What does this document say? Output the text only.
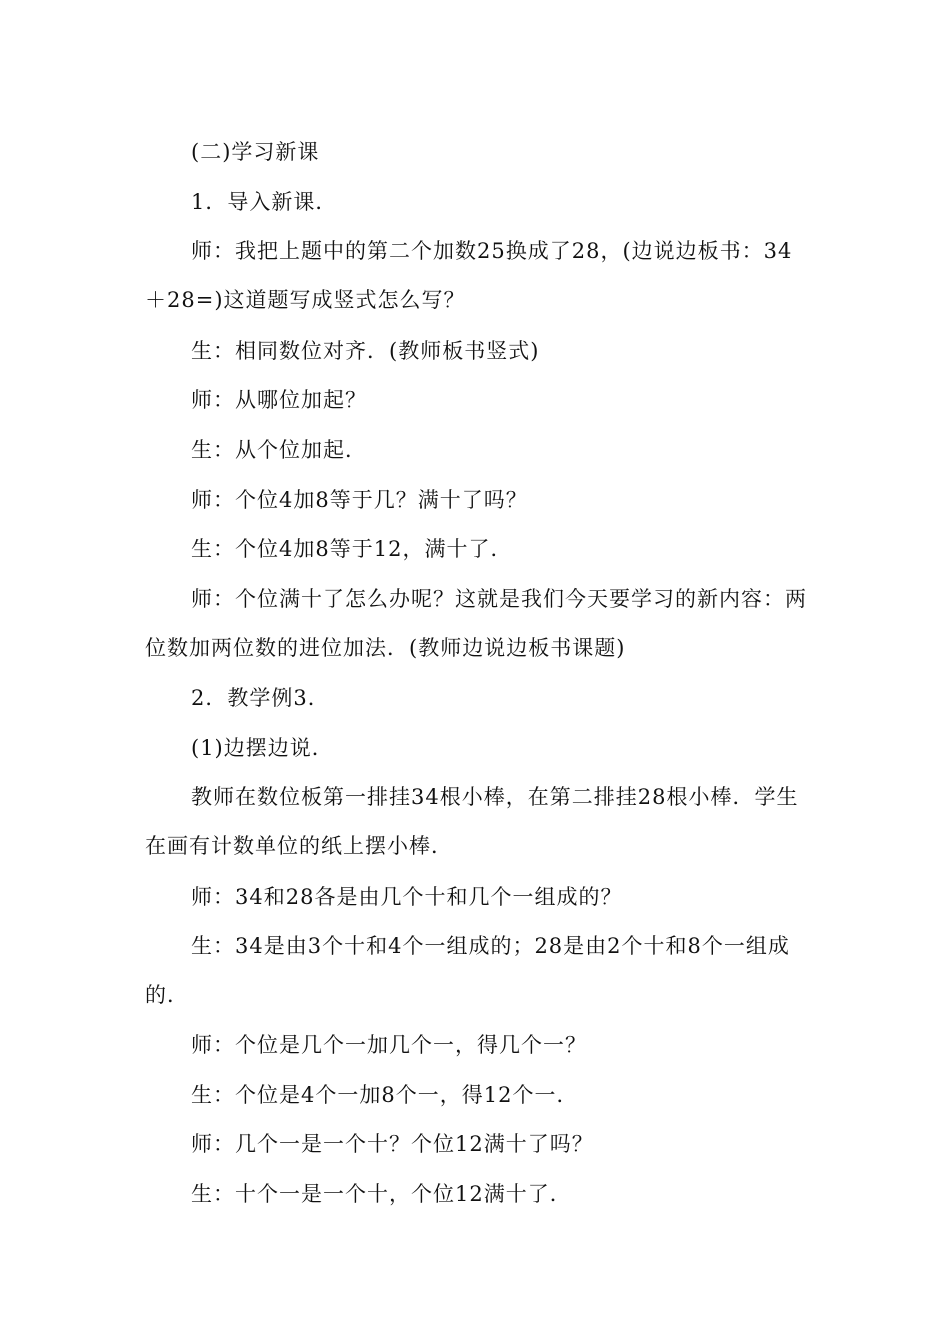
(二)学习新课

1．导入新课．

师：我把上题中的第二个加数25换成了28，(边说边板书：34＋28=)这道题写成竖式怎么写？

生：相同数位对齐．(教师板书竖式)

师：从哪位加起？

生：从个位加起．

师：个位4加8等于几？满十了吗？

生：个位4加8等于12，满十了．

师：个位满十了怎么办呢？这就是我们今天要学习的新内容：两位数加两位数的进位加法．(教师边说边板书课题)

2．教学例3．

(1)边摆边说．

教师在数位板第一排挂34根小棒，在第二排挂28根小棒．学生在画有计数单位的纸上摆小棒．

师：34和28各是由几个十和几个一组成的？

生：34是由3个十和4个一组成的；28是由2个十和8个一组成的．

师：个位是几个一加几个一，得几个一？

生：个位是4个一加8个一，得12个一．

师：几个一是一个十？个位12满十了吗？

生：十个一是一个十，个位12满十了．
